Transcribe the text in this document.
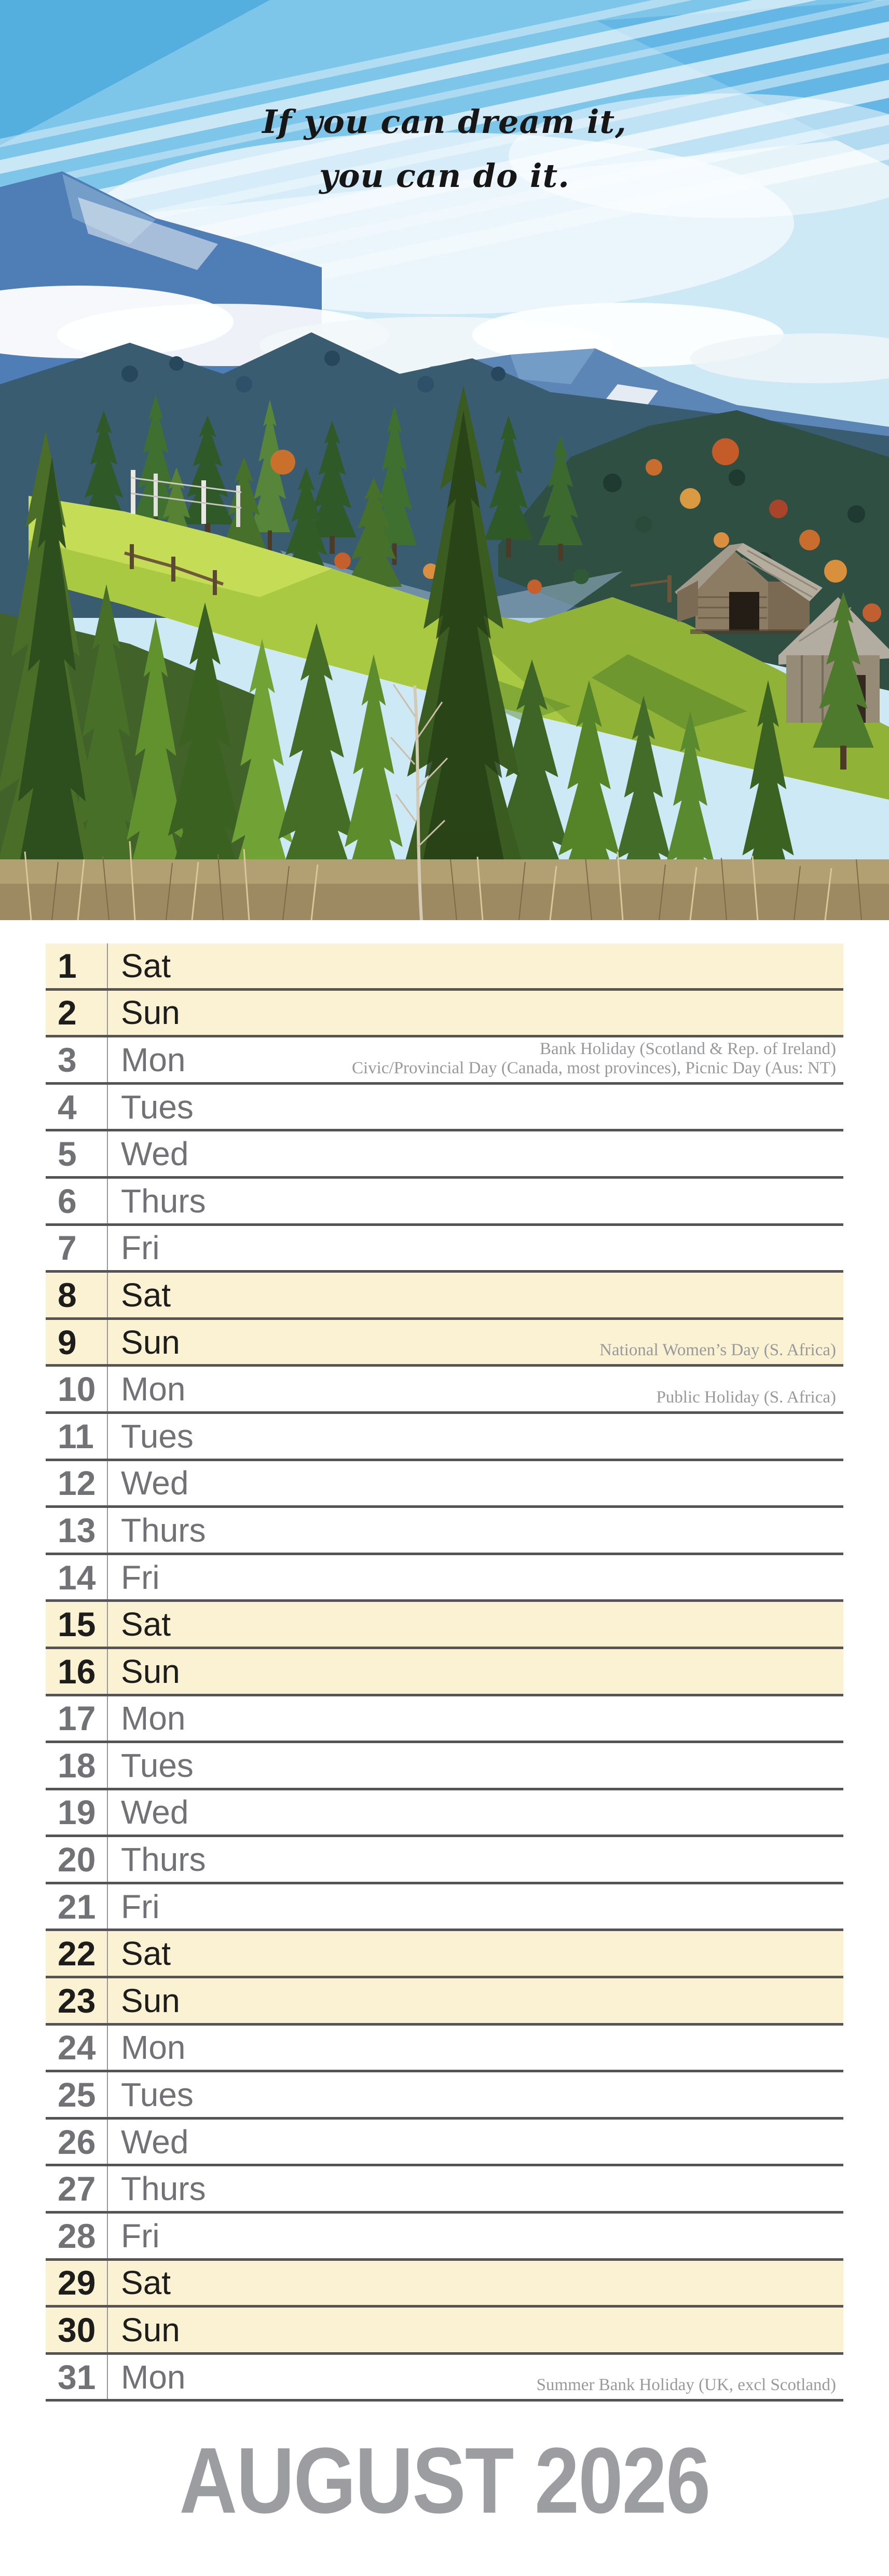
If you can dream it,
you can do it.
1	Sat
2	Sun
3	Mon	Bank Holiday (Scotland & Rep. of Ireland)
Civic/Provincial Day (Canada, most provinces), Picnic Day (Aus: NT)
4	Tues
5	Wed
6	Thurs
7	Fri
8	Sat
9	Sun	National Women’s Day (S. Africa)
10 Mon	Public Holiday (S. Africa)
11 Tues
12 Wed
13 Thurs
14 Fri
15 Sat
16 Sun
17 Mon
18 Tues
19 Wed
20 Thurs
21 Fri
22 Sat
23 Sun
24 Mon
25 Tues
26 Wed
27 Thurs
28 Fri
29 Sat
30 Sun
31 Mon	Summer Bank Holiday (UK, excl Scotland)
AUGUST 2026
